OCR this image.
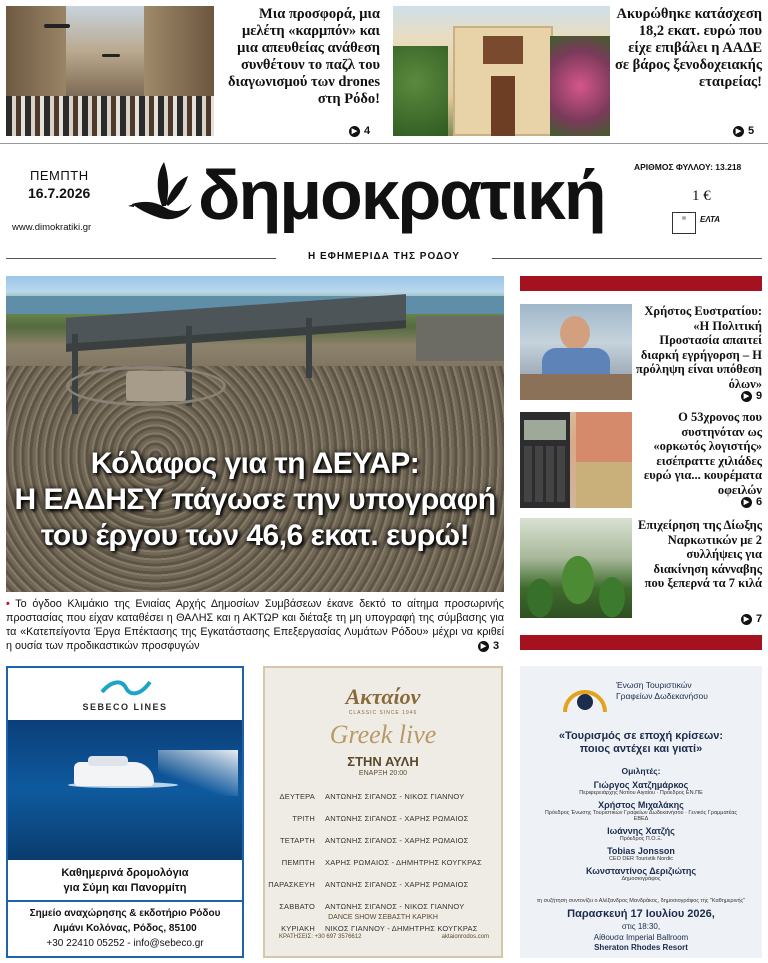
Μια προσφορά, μια μελέτη «καρμπόν» και μια απευθείας ανάθεση συνθέτουν το παζλ του διαγωνισμού των drones στη Ρόδο!
▶ 4
Ακυρώθηκε κατάσχεση 18,2 εκατ. ευρώ που είχε επιβάλει η ΑΑΔΕ σε βάρος ξενοδοχειακής εταιρείας!
▶ 5
ΠΕΜΠΤΗ
16.7.2026
www.dimokratiki.gr δημοκρατική	ΑΡΙΘΜΟΣ ΦΥΛΛΟΥ: 13.218
1 €
▤	ΕΛΤΑ
Η ΕΦΗΜΕΡΙΔΑ ΤΗΣ ΡΟΔΟΥ
Κόλαφος για τη ΔΕΥΑΡ:
Η ΕΑΔΗΣΥ πάγωσε την υπογραφή
του έργου των 46,6 εκατ. ευρώ!
• Το όγδοο Κλιμάκιο της Ενιαίας Αρχής Δημοσίων Συμβάσεων έκανε δεκτό το αίτημα προσωρινής προστασίας που είχαν καταθέσει η ΘΑΛΗΣ και η ΑΚΤΩΡ και διέταξε τη μη υπογραφή της σύμβασης για τα «Κατεπείγοντα Έργα Επέκτασης της Εγκατάστασης Επεξεργασίας Λυμάτων Ρόδου» μέχρι να κριθεί η ουσία των προδικαστικών προσφυγών	▶ 3
Χρήστος Ευστρατίου: «Η Πολιτική Προστασία απαιτεί διαρκή εγρήγορση – Η πρόληψη είναι υπόθεση όλων»
▶ 9
Ο 53χρονος που συστηνόταν ως «ορκωτός λογιστής» εισέπραττε χιλιάδες ευρώ για... κουρέματα οφειλών
▶ 6
Επιχείρηση της Δίωξης Ναρκωτικών με 2 συλλήψεις για διακίνηση κάνναβης που ξεπερνά τα 7 κιλά
▶ 7
SEBECO LINES
Καθημερινά δρομολόγια
για Σύμη και Πανορμίτη
Σημείο αναχώρησης & εκδοτήριο Ρόδου
Λιμάνι Κολόνας, Ρόδος, 85100
+30 22410 05252 - info@sebeco.gr
Ακταίον
CLASSIC SINCE 1946
Greek live
ΣΤΗΝ ΑΥΛΗ
ΕΝΑΡΞΗ 20:00
ΔΕΥΤΕΡΑ	ΑΝΤΩΝΗΣ ΣΙΓΑΝΟΣ - ΝΙΚΟΣ ΓΙΑΝΝΟΥ
ΤΡΙΤΗ	ΑΝΤΩΝΗΣ ΣΙΓΑΝΟΣ - ΧΑΡΗΣ ΡΩΜΑΙΟΣ
ΤΕΤΑΡΤΗ	ΑΝΤΩΝΗΣ ΣΙΓΑΝΟΣ - ΧΑΡΗΣ ΡΩΜΑΙΟΣ
ΠΕΜΠΤΗ	ΧΑΡΗΣ ΡΩΜΑΙΟΣ - ΔΗΜΗΤΡΗΣ ΚΟΥΓΚΡΑΣ
ΠΑΡΑΣΚΕΥΗ	ΑΝΤΩΝΗΣ ΣΙΓΑΝΟΣ - ΧΑΡΗΣ ΡΩΜΑΙΟΣ
ΣΑΒΒΑΤΟ	ΑΝΤΩΝΗΣ ΣΙΓΑΝΟΣ - ΝΙΚΟΣ ΓΙΑΝΝΟΥ
ΚΥΡΙΑΚΗ	ΝΙΚΟΣ ΓΙΑΝΝΟΥ - ΔΗΜΗΤΡΗΣ ΚΟΥΓΚΡΑΣ
ΚΡΑΤΗΣΕΙΣ: +30 697 3576612	aktaionrodos.com
DANCE SHOW ΣΕΒΑΣΤΗ ΚΑΡΙΚΗ
Ένωση Τουριστικών
Γραφείων Δωδεκανήσου
«Τουρισμός σε εποχή κρίσεων:
ποιος αντέχει και γιατί»
Ομιλητές:
Γιώργος Χατζημάρκος
Περιφερειάρχης Νοτίου Αιγαίου · Πρόεδρος ΕΝ.ΠΕ
Χρήστος Μιχαλάκης
Πρόεδρος Ένωσης Τουριστικών Γραφείων Δωδεκανήσου · Γενικός Γραμματέας ΕΒΕΔ
Ιωάννης Χατζής
Πρόεδρος Π.Ο.Ξ.
Tobias Jonsson
CEO DER Touristik Nordic
Κωνσταντίνος Δεριζιώτης
Δημοσιογράφος
τη συζήτηση συντονίζει ο Αλέξανδρος Μανδράκος, δημοσιογράφος της "Καθημερινής"
Παρασκευή 17 Ιουλίου 2026,
στις 18:30,
Αίθουσα Imperial Ballroom
Sheraton Rhodes Resort
